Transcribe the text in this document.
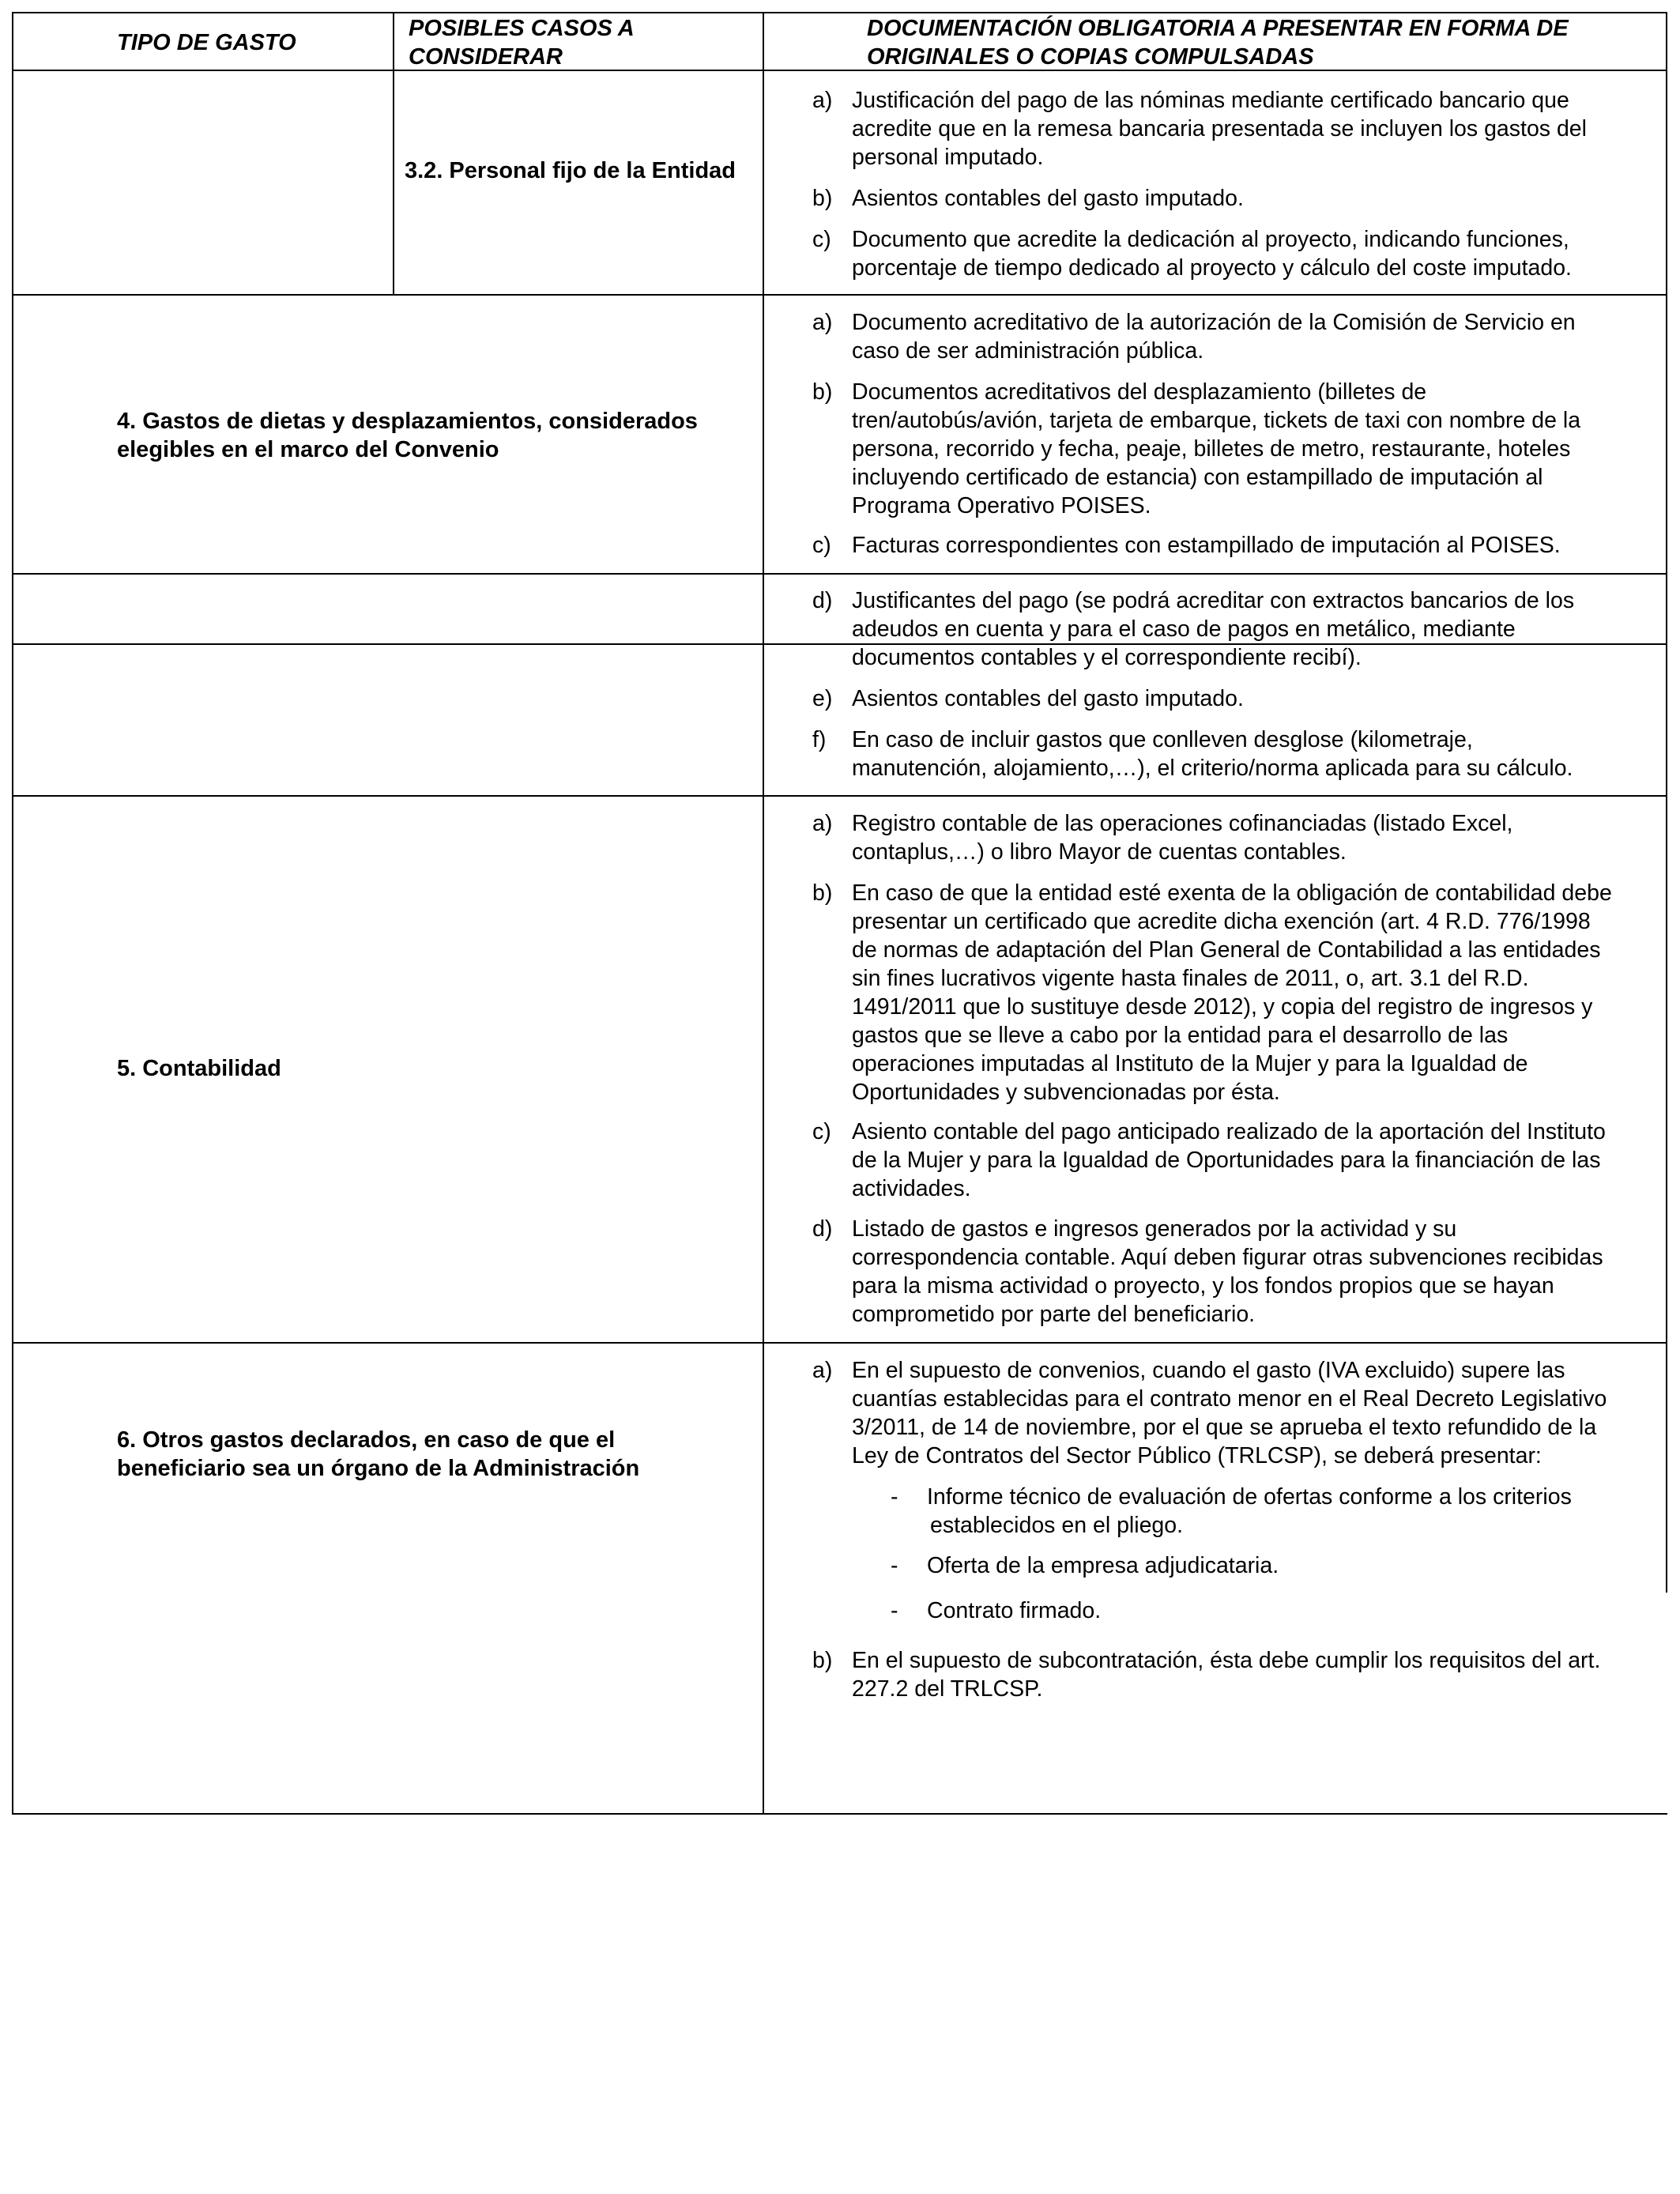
TIPO DE GASTO
POSIBLES CASOS A
CONSIDERAR
DOCUMENTACIÓN OBLIGATORIA A PRESENTAR EN FORMA DE
ORIGINALES O COPIAS COMPULSADAS
3.2. Personal fijo de la Entidad
a) Justificación del pago de las nóminas mediante certificado bancario que
acredite que en la remesa bancaria presentada se incluyen los gastos del
personal imputado.
b) Asientos contables del gasto imputado.
c) Documento que acredite la dedicación al proyecto, indicando funciones,
porcentaje de tiempo dedicado al proyecto y cálculo del coste imputado.
4. Gastos de dietas y desplazamientos, considerados
elegibles en el marco del Convenio
a) Documento acreditativo de la autorización de la Comisión de Servicio en
caso de ser administración pública.
b) Documentos acreditativos del desplazamiento (billetes de
tren/autobús/avión, tarjeta de embarque, tickets de taxi con nombre de la
persona, recorrido y fecha, peaje, billetes de metro, restaurante, hoteles
incluyendo certificado de estancia) con estampillado de imputación al
Programa Operativo POISES.
c) Facturas correspondientes con estampillado de imputación al POISES.
d) Justificantes del pago (se podrá acreditar con extractos bancarios de los
adeudos en cuenta y para el caso de pagos en metálico, mediante
documentos contables y el correspondiente recibí).
e) Asientos contables del gasto imputado.
f) En caso de incluir gastos que conlleven desglose (kilometraje,
manutención, alojamiento,…), el criterio/norma aplicada para su cálculo.
5. Contabilidad
a) Registro contable de las operaciones cofinanciadas (listado Excel,
contaplus,…) o libro Mayor de cuentas contables.
b) En caso de que la entidad esté exenta de la obligación de contabilidad debe
presentar un certificado que acredite dicha exención (art. 4 R.D. 776/1998
de normas de adaptación del Plan General de Contabilidad a las entidades
sin fines lucrativos vigente hasta finales de 2011, o, art. 3.1 del R.D.
1491/2011 que lo sustituye desde 2012), y copia del registro de ingresos y
gastos que se lleve a cabo por la entidad para el desarrollo de las
operaciones imputadas al Instituto de la Mujer y para la Igualdad de
Oportunidades y subvencionadas por ésta.
c) Asiento contable del pago anticipado realizado de la aportación del Instituto
de la Mujer y para la Igualdad de Oportunidades para la financiación de las
actividades.
d) Listado de gastos e ingresos generados por la actividad y su
correspondencia contable. Aquí deben figurar otras subvenciones recibidas
para la misma actividad o proyecto, y los fondos propios que se hayan
comprometido por parte del beneficiario.
6. Otros gastos declarados, en caso de que el
beneficiario sea un órgano de la Administración
a) En el supuesto de convenios, cuando el gasto (IVA excluido) supere las
cuantías establecidas para el contrato menor en el Real Decreto Legislativo
3/2011, de 14 de noviembre, por el que se aprueba el texto refundido de la
Ley de Contratos del Sector Público (TRLCSP), se deberá presentar:
- Informe técnico de evaluación de ofertas conforme a los criterios
establecidos en el pliego.
- Oferta de la empresa adjudicataria.
- Contrato firmado.
b) En el supuesto de subcontratación, ésta debe cumplir los requisitos del art.
227.2 del TRLCSP.
